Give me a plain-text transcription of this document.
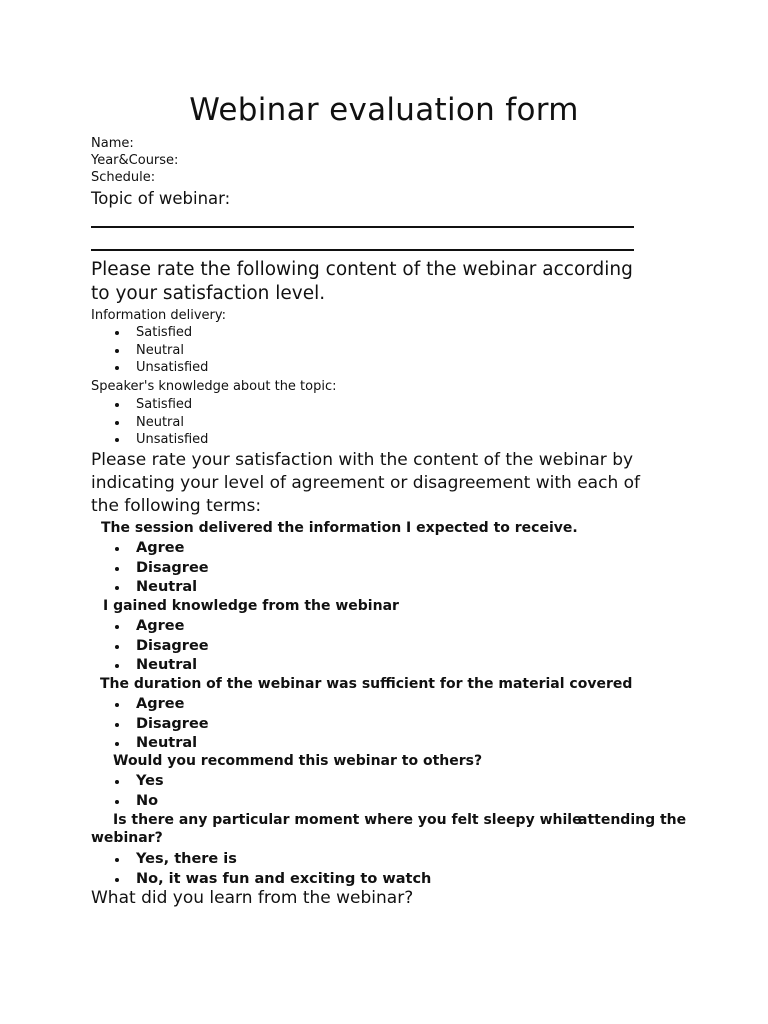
Webinar evaluation form
Name:
Year&Course:
Schedule:
Topic of webinar:
Please rate the following content of the webinar according
to your satisfaction level.
Information delivery:
Satisfied
Neutral
Unsatisfied
Speaker's knowledge about the topic:
Satisfied
Neutral
Unsatisfied
Please rate your satisfaction with the content of the webinar by
indicating your level of agreement or disagreement with each of
the following terms:
The session delivered the information I expected to receive.
Agree
Disagree
Neutral
I gained knowledge from the webinar
Agree
Disagree
Neutral
The duration of the webinar was sufficient for the material covered
Agree
Disagree
Neutral
Would you recommend this webinar to others?
Yes
No
Is there any particular moment where you felt sleepy while
attending the
webinar?
Yes, there is
No, it was fun and exciting to watch
What did you learn from the webinar?
